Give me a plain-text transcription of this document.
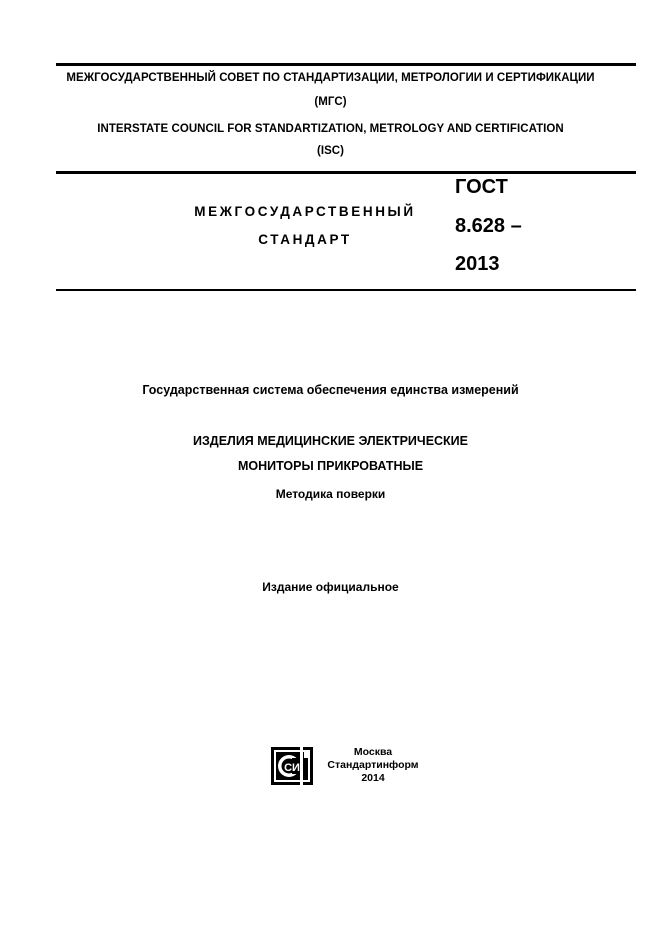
МЕЖГОСУДАРСТВЕННЫЙ СОВЕТ ПО СТАНДАРТИЗАЦИИ, МЕТРОЛОГИИ И СЕРТИФИКАЦИИ
(МГС)
INTERSTATE COUNCIL FOR STANDARTIZATION, METROLOGY AND CERTIFICATION
(ISC)
МЕЖГОСУДАРСТВЕННЫЙ
СТАНДАРТ
ГОСТ
8.628 –
2013
Государственная система обеспечения единства измерений
ИЗДЕЛИЯ МЕДИЦИНСКИЕ ЭЛЕКТРИЧЕСКИЕ
МОНИТОРЫ ПРИКРОВАТНЫЕ
Методика поверки
Издание официальное
СИ
Москва
Стандартинформ
2014
